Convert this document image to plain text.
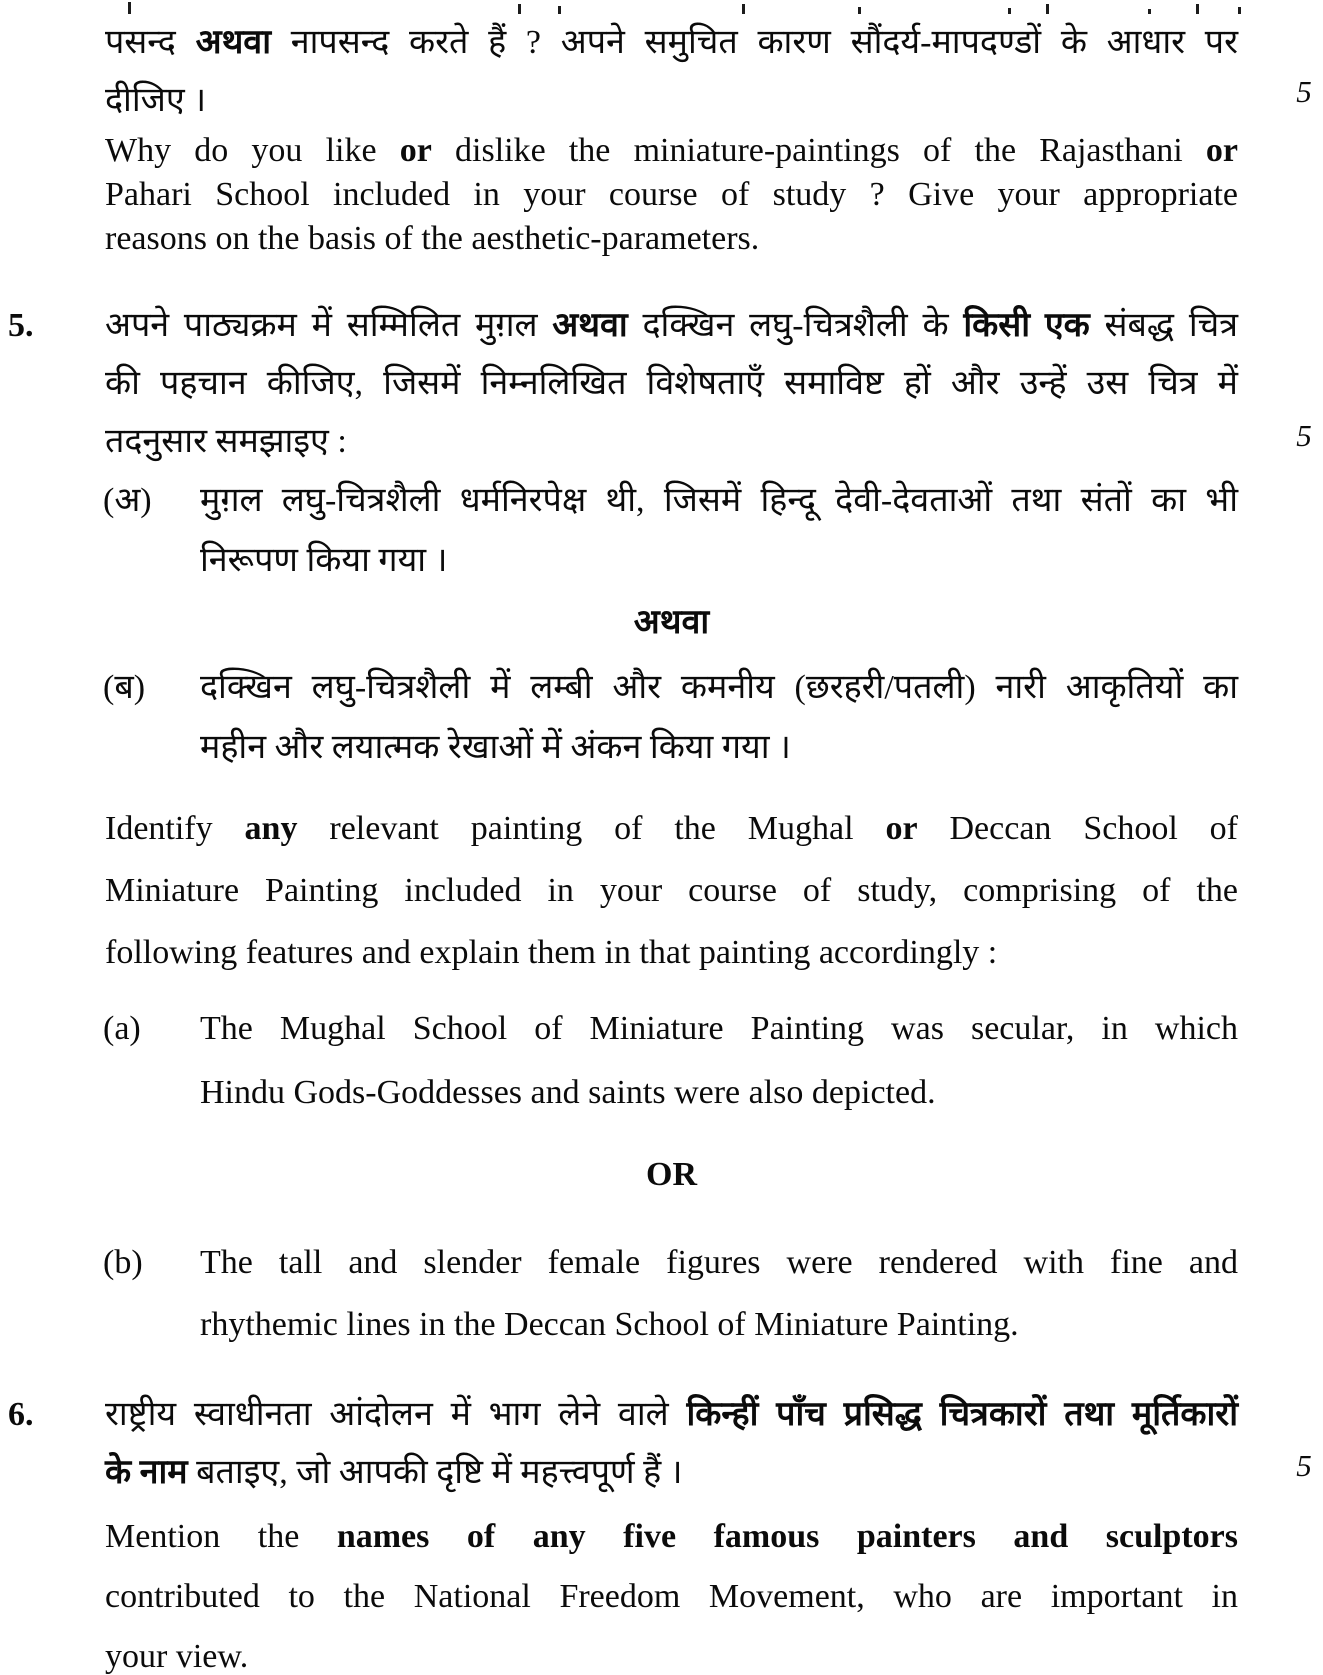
पसन्द अथवा नापसन्द करते हैं ? अपने समुचित कारण सौंदर्य-मापदण्डों के आधार पर
दीजिए ।	5
Why do you like or dislike the miniature-paintings of the Rajasthani or
Pahari School included in your course of study ? Give your appropriate
reasons on the basis of the aesthetic-parameters.
5.	अपने पाठ्यक्रम में सम्मिलित मुग़ल अथवा दक्खिन लघु-चित्रशैली के किसी एक संबद्ध चित्र
की पहचान कीजिए, जिसमें निम्नलिखित विशेषताएँ समाविष्ट हों और उन्हें उस चित्र में
तदनुसार समझाइए :	5
(अ)	मुग़ल लघु-चित्रशैली धर्मनिरपेक्ष थी, जिसमें हिन्दू देवी-देवताओं तथा संतों का भी
निरूपण किया गया ।
अथवा
(ब)	दक्खिन लघु-चित्रशैली में लम्बी और कमनीय (छरहरी/पतली) नारी आकृतियों का
महीन और लयात्मक रेखाओं में अंकन किया गया ।
Identify any relevant painting of the Mughal or Deccan School of
Miniature Painting included in your course of study, comprising of the
following features and explain them in that painting accordingly :
(a)	The Mughal School of Miniature Painting was secular, in which
Hindu Gods-Goddesses and saints were also depicted.
OR
(b)	The tall and slender female figures were rendered with fine and
rhythemic lines in the Deccan School of Miniature Painting.
6.	राष्ट्रीय स्वाधीनता आंदोलन में भाग लेने वाले किन्हीं पाँच प्रसिद्ध चित्रकारों तथा मूर्तिकारों
के नाम बताइए, जो आपकी दृष्टि में महत्त्वपूर्ण हैं ।	5
Mention the names of any five famous painters and sculptors
contributed to the National Freedom Movement, who are important in
your view.
